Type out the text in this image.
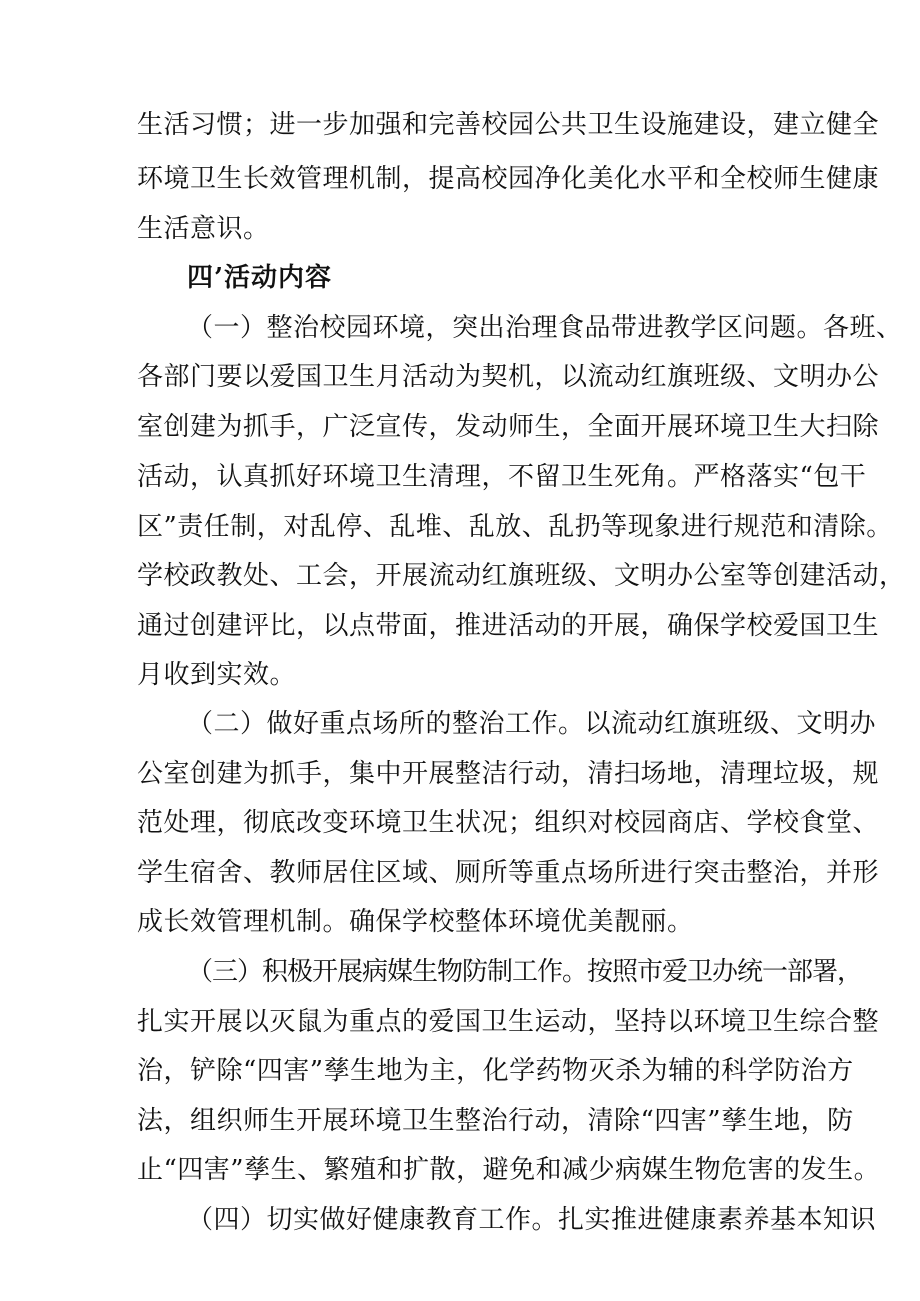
生活习惯；进一步加强和完善校园公共卫生设施建设，建立健全

环境卫生长效管理机制，提高校园净化美化水平和全校师生健康

生活意识。

四’活动内容

（一）整治校园环境，突出治理食品带进教学区问题。各班、

各部门要以爱国卫生月活动为契机，以流动红旗班级、文明办公

室创建为抓手，广泛宣传，发动师生，全面开展环境卫生大扫除

活动，认真抓好环境卫生清理，不留卫生死角。严格落实“包干

区”责任制，对乱停、乱堆、乱放、乱扔等现象进行规范和清除。

学校政教处、工会，开展流动红旗班级、文明办公室等创建活动，

通过创建评比，以点带面，推进活动的开展，确保学校爱国卫生

月收到实效。

（二）做好重点场所的整治工作。以流动红旗班级、文明办

公室创建为抓手，集中开展整洁行动，清扫场地，清理垃圾，规

范处理，彻底改变环境卫生状况；组织对校园商店、学校食堂、

学生宿舍、教师居住区域、厕所等重点场所进行突击整治，并形

成长效管理机制。确保学校整体环境优美靓丽。

（三）积极开展病媒生物防制工作。按照市爱卫办统一部署，

扎实开展以灭鼠为重点的爱国卫生运动，坚持以环境卫生综合整

治，铲除“四害”孳生地为主，化学药物灭杀为辅的科学防治方

法，组织师生开展环境卫生整治行动，清除“四害”孳生地，防

止“四害”孳生、繁殖和扩散，避免和减少病媒生物危害的发生。

（四）切实做好健康教育工作。扎实推进健康素养基本知识
